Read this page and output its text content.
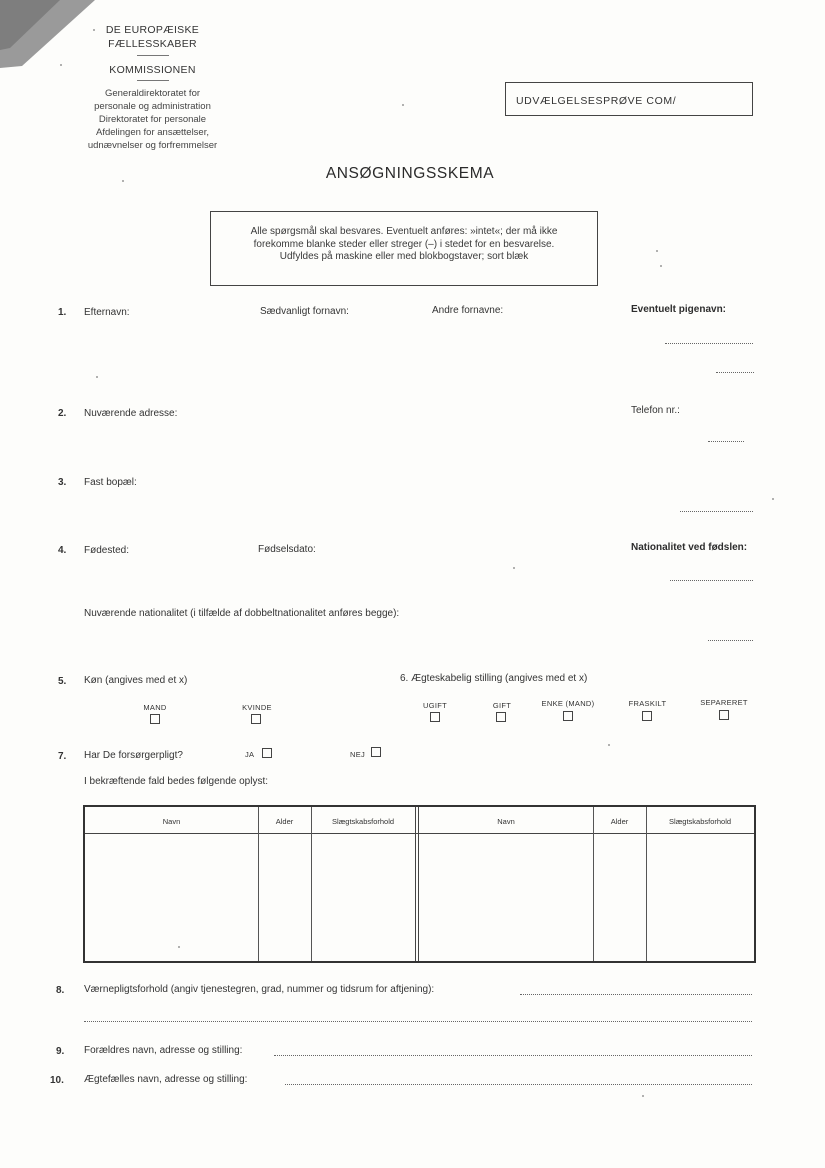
DE EUROPÆISKE
FÆLLESSKABER
KOMMISSIONEN
Generaldirektoratet for
personale og administration
Direktoratet for personale
Afdelingen for ansættelser,
udnævnelser og forfremmelser
UDVÆLGELSESPRØVE COM/
ANSØGNINGSSKEMA
Alle spørgsmål skal besvares. Eventuelt anføres: »intet«; der må ikke
forekomme blanke steder eller streger (–) i stedet for en besvarelse.
Udfyldes på maskine eller med blokbogstaver; sort blæk
1. Efternavn:	Sædvanligt fornavn:	Andre fornavne:	Eventuelt pigenavn:
2. Nuværende adresse:	Telefon nr.:
3. Fast bopæl:
4. Fødested:	Fødselsdato:	Nationalitet ved fødslen:
Nuværende nationalitet (i tilfælde af dobbeltnationalitet anføres begge):
5. Køn (angives med et x)
MAND	KVINDE
6. Ægteskabelig stilling (angives med et x)
UGIFT	GIFT	ENKE (MAND)	FRASKILT	SEPARERET
7. Har De forsørgerpligt?	JA	NEJ
I bekræftende fald bedes følgende oplyst:
Navn	Alder	Slægtskabsforhold	Navn	Alder	Slægtskabsforhold
8. Værnepligtsforhold (angiv tjenestegren, grad, nummer og tidsrum for aftjening):
9. Forældres navn, adresse og stilling:
10. Ægtefælles navn, adresse og stilling:
